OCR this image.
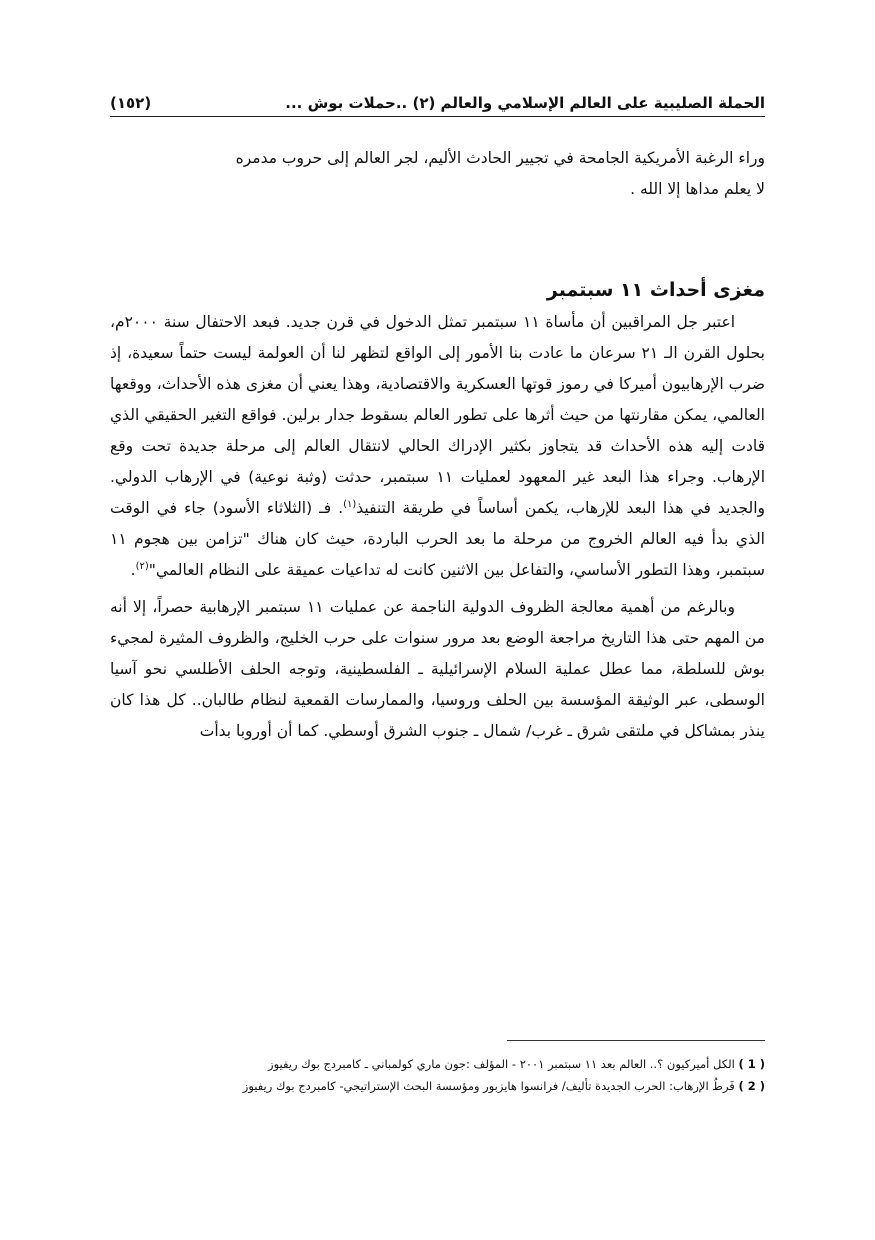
الحملة الصليبية على العالم الإسلامي والعالم (٢) ..حملات بوش ...
(١٥٢)

وراء الرغبة الأمريكية الجامحة في تجيير الحادث الأليم، لجر العالم إلى حروب مدمره
لا يعلم مداها إلا الله .

مغزى أحداث ١١ سبتمبر

اعتبر جل المراقبين أن مأساة ١١ سبتمبر تمثل الدخول في قرن جديد. فبعد الاحتفال سنة ٢٠٠٠م، بحلول القرن الـ ٢١ سرعان ما عادت بنا الأمور إلى الواقع لتظهر لنا أن العولمة ليست حتماً سعيدة، إذ ضرب الإرهابيون أميركا في رموز قوتها العسكرية والاقتصادية، وهذا يعني أن مغزى هذه الأحداث، ووقعها العالمي، يمكن مقارنتها من حيث أثرها على تطور العالم بسقوط جدار برلين. فواقع التغير الحقيقي الذي قادت إليه هذه الأحداث قد يتجاوز بكثير الإدراك الحالي لانتقال العالم إلى مرحلة جديدة تحت وقع الإرهاب. وجراء هذا البعد غير المعهود لعمليات ١١ سبتمبر، حدثت (وثبة نوعية) في الإرهاب الدولي. والجديد في هذا البعد للإرهاب، يكمن أساساً في طريقة التنفيذ$^{(١)}$. فـ (الثلاثاء الأسود) جاء في الوقت الذي بدأ فيه العالم الخروج من مرحلة ما بعد الحرب الباردة، حيث كان هناك "تزامن بين هجوم ١١ سبتمبر، وهذا التطور الأساسي، والتفاعل بين الاثنين كانت له تداعيات عميقة على النظام العالمي"$^{(٢)}$.

وبالرغم من أهمية معالجة الظروف الدولية الناجمة عن عمليات ١١ سبتمبر الإرهابية حصراً، إلا أنه من المهم حتى هذا التاريخ مراجعة الوضع بعد مرور سنوات على حرب الخليج، والظروف المثيرة لمجيء بوش للسلطة، مما عطل عملية السلام الإسرائيلية ـ الفلسطينية، وتوجه الحلف الأطلسي نحو آسيا الوسطى، عبر الوثيقة المؤسسة بين الحلف وروسيا، والممارسات القمعية لنظام طالبان.. كل هذا كان ينذر بمشاكل في ملتقى شرق ـ غرب/ شمال ـ جنوب الشرق أوسطي. كما أن أوروبا بدأت

( 1 ) الكل أميركيون ؟.. العالم بعد ١١ سبتمبر ٢٠٠١ - المؤلف :جون ماري كولمباني ـ كامبردج بوك ريفيوز

( 2 ) فَرطُ الإرهاب: الحرب الجديدة تأليف/ فرانسوا هايزبور ومؤسسة البحث الإستراتيجي- كامبردج بوك ريفيوز
